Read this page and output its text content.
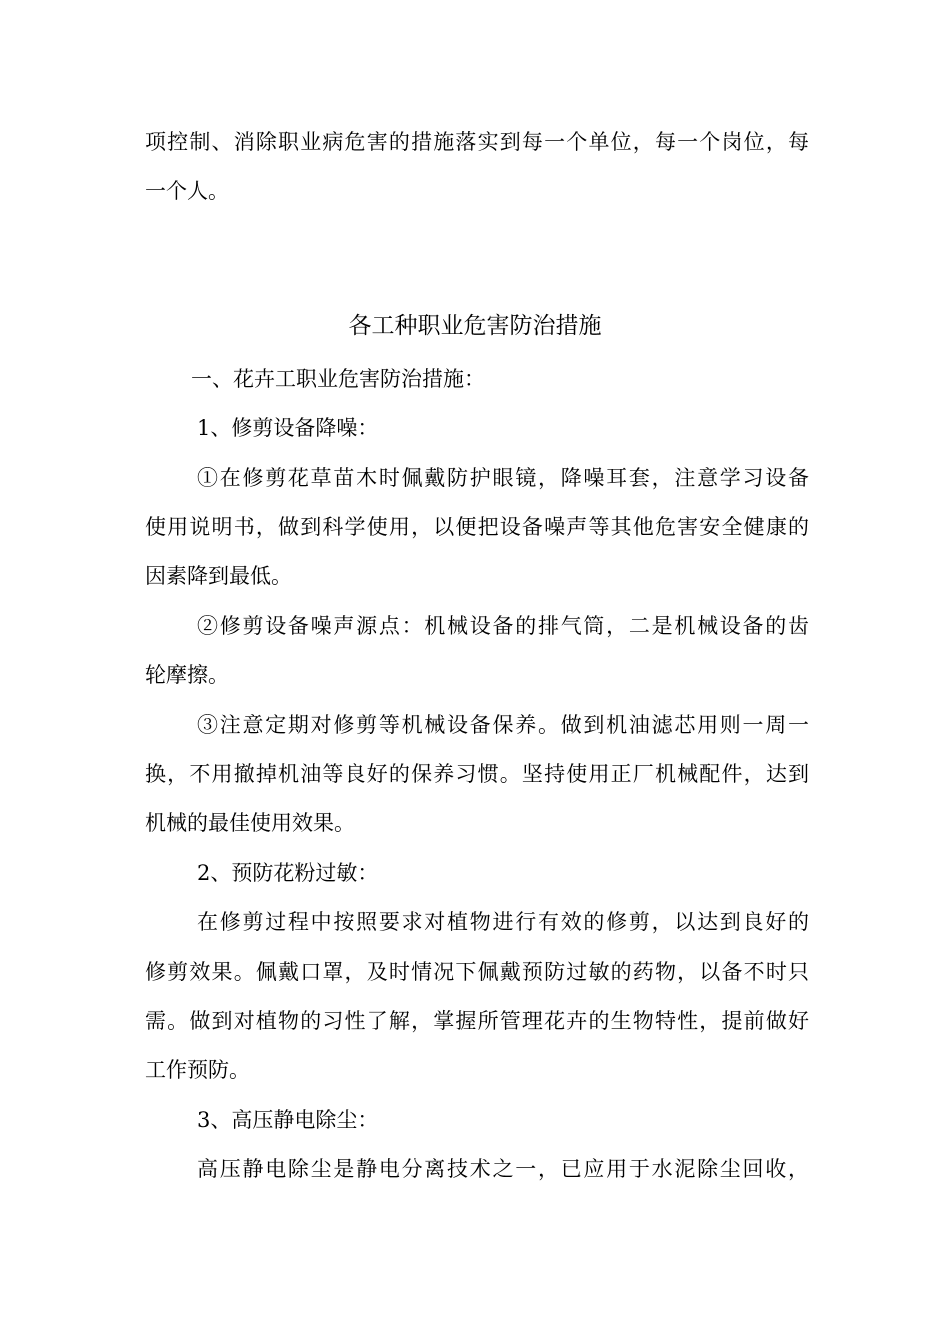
项控制、消除职业病危害的措施落实到每一个单位，每一个岗位，每
一个人。
各工种职业危害防治措施
一、花卉工职业危害防治措施：
1、修剪设备降噪：
①在修剪花草苗木时佩戴防护眼镜，降噪耳套，注意学习设备
使用说明书，做到科学使用，以便把设备噪声等其他危害安全健康的
因素降到最低。
②修剪设备噪声源点：机械设备的排气筒，二是机械设备的齿
轮摩擦。
③注意定期对修剪等机械设备保养。做到机油滤芯用则一周一
换，不用撤掉机油等良好的保养习惯。坚持使用正厂机械配件，达到
机械的最佳使用效果。
2、预防花粉过敏：
在修剪过程中按照要求对植物进行有效的修剪，以达到良好的
修剪效果。佩戴口罩，及时情况下佩戴预防过敏的药物，以备不时只
需。做到对植物的习性了解，掌握所管理花卉的生物特性，提前做好
工作预防。
3、高压静电除尘：
高压静电除尘是静电分离技术之一，已应用于水泥除尘回收，
